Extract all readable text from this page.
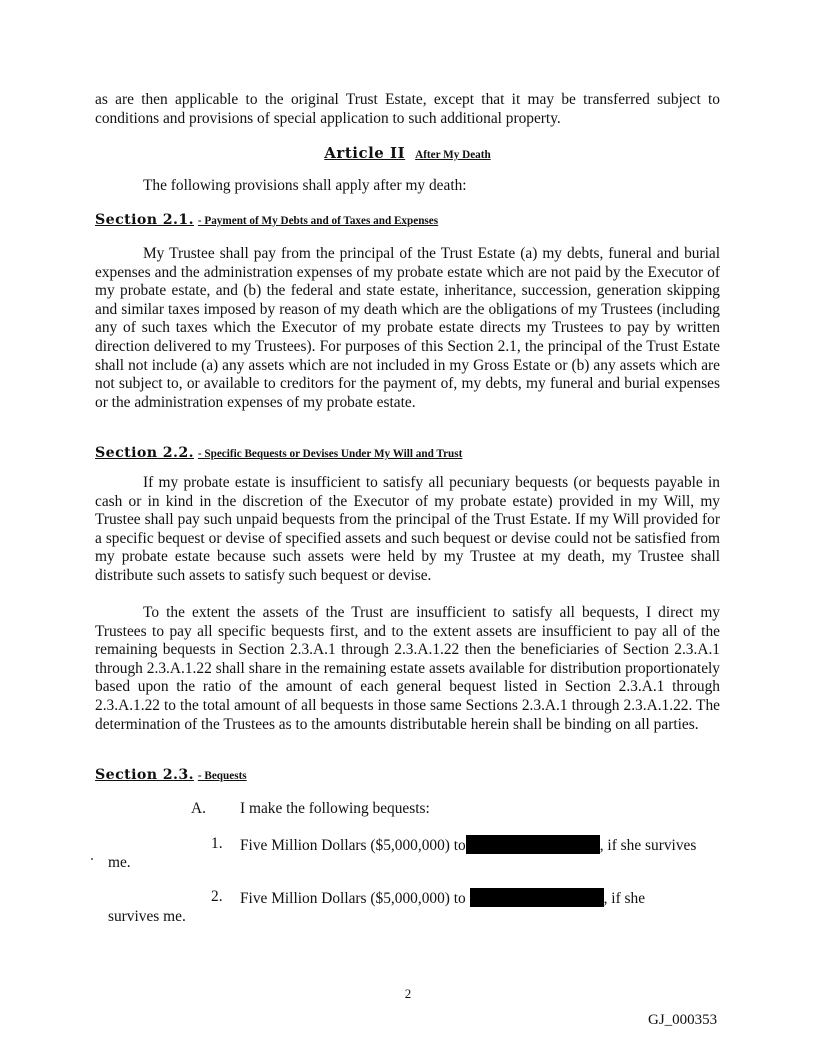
as are then applicable to the original Trust Estate, except that it may be transferred subject to conditions and provisions of special application to such additional property.

Article II After My Death

The following provisions shall apply after my death:

Section 2.1. - Payment of My Debts and of Taxes and Expenses

My Trustee shall pay from the principal of the Trust Estate (a) my debts, funeral and burial expenses and the administration expenses of my probate estate which are not paid by the Executor of my probate estate, and (b) the federal and state estate, inheritance, succession, generation skipping and similar taxes imposed by reason of my death which are the obligations of my Trustees (including any of such taxes which the Executor of my probate estate directs my Trustees to pay by written direction delivered to my Trustees). For purposes of this Section 2.1, the principal of the Trust Estate shall not include (a) any assets which are not included in my Gross Estate or (b) any assets which are not subject to, or available to creditors for the payment of, my debts, my funeral and burial expenses or the administration expenses of my probate estate.

Section 2.2. - Specific Bequests or Devises Under My Will and Trust

If my probate estate is insufficient to satisfy all pecuniary bequests (or bequests payable in cash or in kind in the discretion of the Executor of my probate estate) provided in my Will, my Trustee shall pay such unpaid bequests from the principal of the Trust Estate. If my Will provided for a specific bequest or devise of specified assets and such bequest or devise could not be satisfied from my probate estate because such assets were held by my Trustee at my death, my Trustee shall distribute such assets to satisfy such bequest or devise.

To the extent the assets of the Trust are insufficient to satisfy all bequests, I direct my Trustees to pay all specific bequests first, and to the extent assets are insufficient to pay all of the remaining bequests in Section 2.3.A.1 through 2.3.A.1.22 then the beneficiaries of Section 2.3.A.1 through 2.3.A.1.22 shall share in the remaining estate assets available for distribution proportionately based upon the ratio of the amount of each general bequest listed in Section 2.3.A.1 through 2.3.A.1.22 to the total amount of all bequests in those same Sections 2.3.A.1 through 2.3.A.1.22. The determination of the Trustees as to the amounts distributable herein shall be binding on all parties.

Section 2.3. - Bequests
A. I make the following bequests:
1. Five Million Dollars ($5,000,000) to	, if she survives
me.
2. Five Million Dollars ($5,000,000) to	, if she
survives me.
2
GJ_000353
